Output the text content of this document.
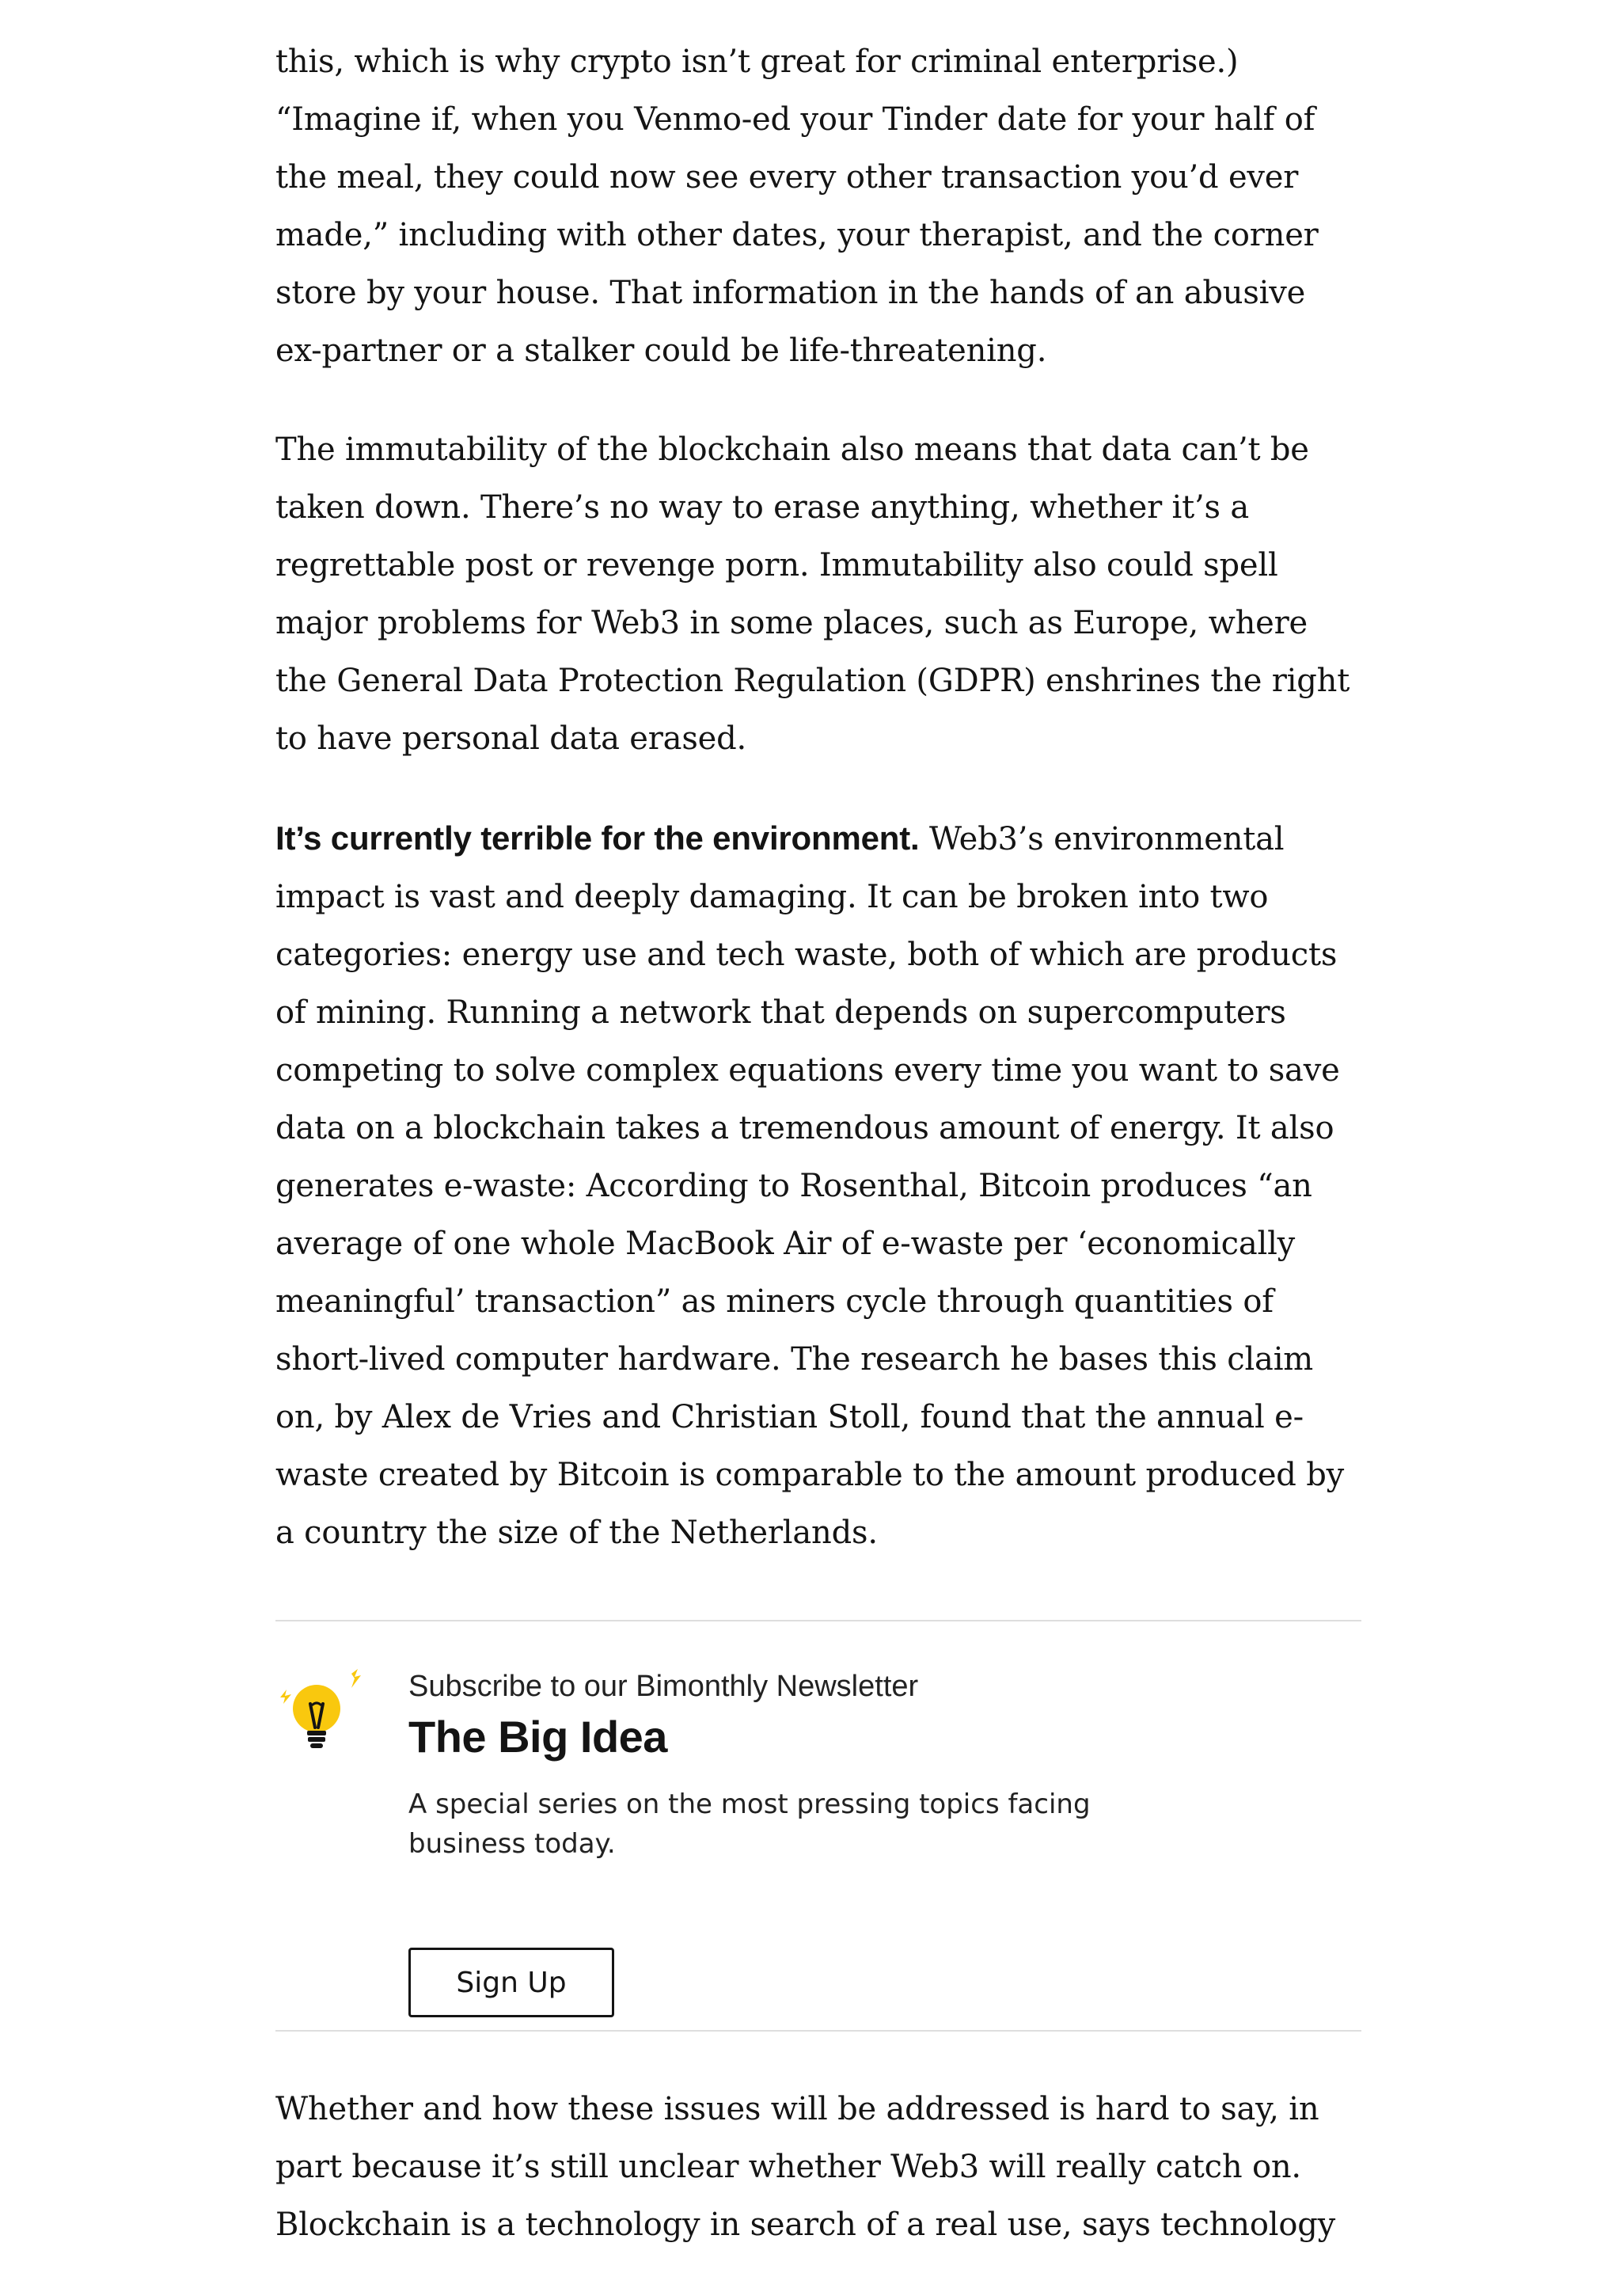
this, which is why crypto isn’t great for criminal enterprise.) “Imagine if, when you Venmo-ed your Tinder date for your half of the meal, they could now see every other transaction you’d ever made,” including with other dates, your therapist, and the corner store by your house. That information in the hands of an abusive ex-partner or a stalker could be life-threatening.

The immutability of the blockchain also means that data can’t be taken down. There’s no way to erase anything, whether it’s a regrettable post or revenge porn. Immutability also could spell major problems for Web3 in some places, such as Europe, where the General Data Protection Regulation (GDPR) enshrines the right to have personal data erased.

It’s currently terrible for the environment. Web3’s environmental impact is vast and deeply damaging. It can be broken into two categories: energy use and tech waste, both of which are products of mining. Running a network that depends on supercomputers competing to solve complex equations every time you want to save data on a blockchain takes a tremendous amount of energy. It also generates e-waste: According to Rosenthal, Bitcoin produces “an average of one whole MacBook Air of e-waste per ‘economically meaningful’ transaction” as miners cycle through quantities of short-lived computer hardware. The research he bases this claim on, by Alex de Vries and Christian Stoll, found that the annual e-waste created by Bitcoin is comparable to the amount produced by a country the size of the Netherlands.

Subscribe to our Bimonthly Newsletter

The Big Idea

A special series on the most pressing topics facing business today.

Sign Up

Whether and how these issues will be addressed is hard to say, in part because it’s still unclear whether Web3 will really catch on. Blockchain is a technology in search of a real use, says technology
